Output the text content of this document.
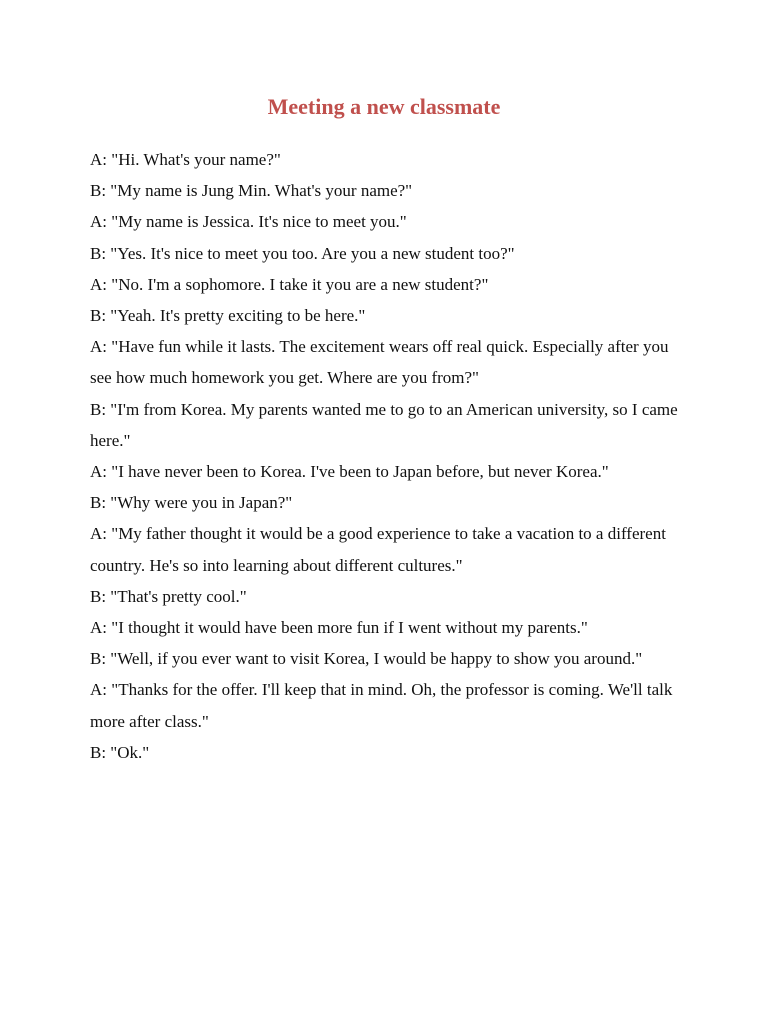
Meeting a new classmate

A: "Hi. What's your name?"

B: "My name is Jung Min. What's your name?"

A: "My name is Jessica. It's nice to meet you."

B: "Yes. It's nice to meet you too. Are you a new student too?"

A: "No. I'm a sophomore. I take it you are a new student?"

B: "Yeah. It's pretty exciting to be here."

A: "Have fun while it lasts. The excitement wears off real quick. Especially after you see how much homework you get. Where are you from?"

B: "I'm from Korea. My parents wanted me to go to an American university, so I came here."

A: "I have never been to Korea. I've been to Japan before, but never Korea."

B: "Why were you in Japan?"

A: "My father thought it would be a good experience to take a vacation to a different country. He's so into learning about different cultures."

B: "That's pretty cool."

A: "I thought it would have been more fun if I went without my parents."

B: "Well, if you ever want to visit Korea, I would be happy to show you around."

A: "Thanks for the offer. I'll keep that in mind. Oh, the professor is coming. We'll talk more after class."

B: "Ok."
